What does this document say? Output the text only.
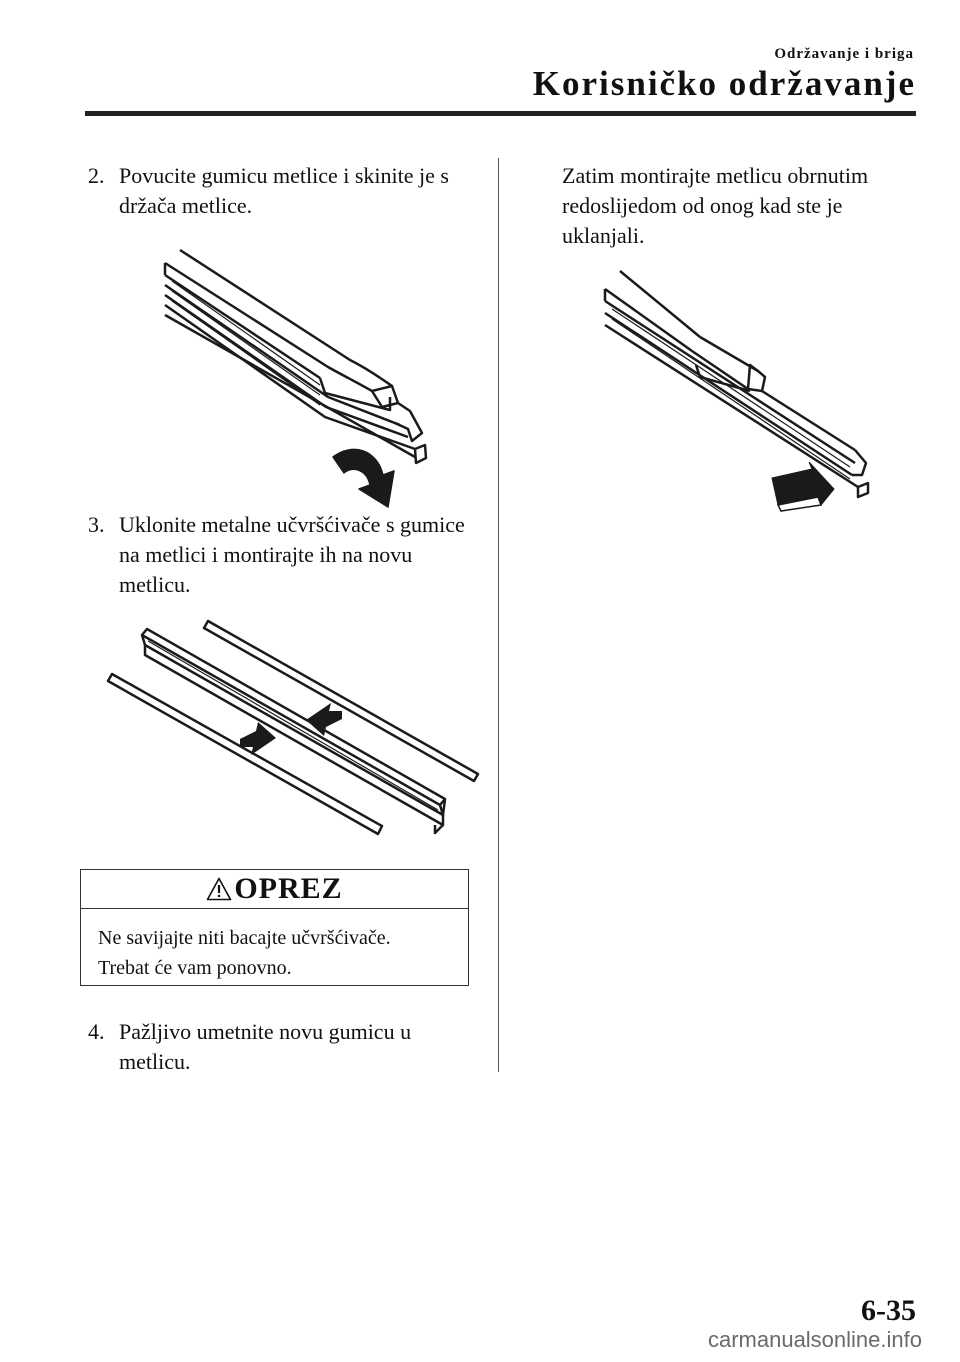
Održavanje i briga
Korisničko održavanje
2. Povucite gumicu metlice i skinite je s držača metlice.
3. Uklonite metalne učvršćivače s gumice na metlici i montirajte ih na novu metlicu.
OPREZ
Ne savijajte niti bacajte učvršćivače.
Trebat će vam ponovno.
4. Pažljivo umetnite novu gumicu u metlicu.
Zatim montirajte metlicu obrnutim redoslijedom od onog kad ste je uklanjali.
6-35
carmanualsonline.info
